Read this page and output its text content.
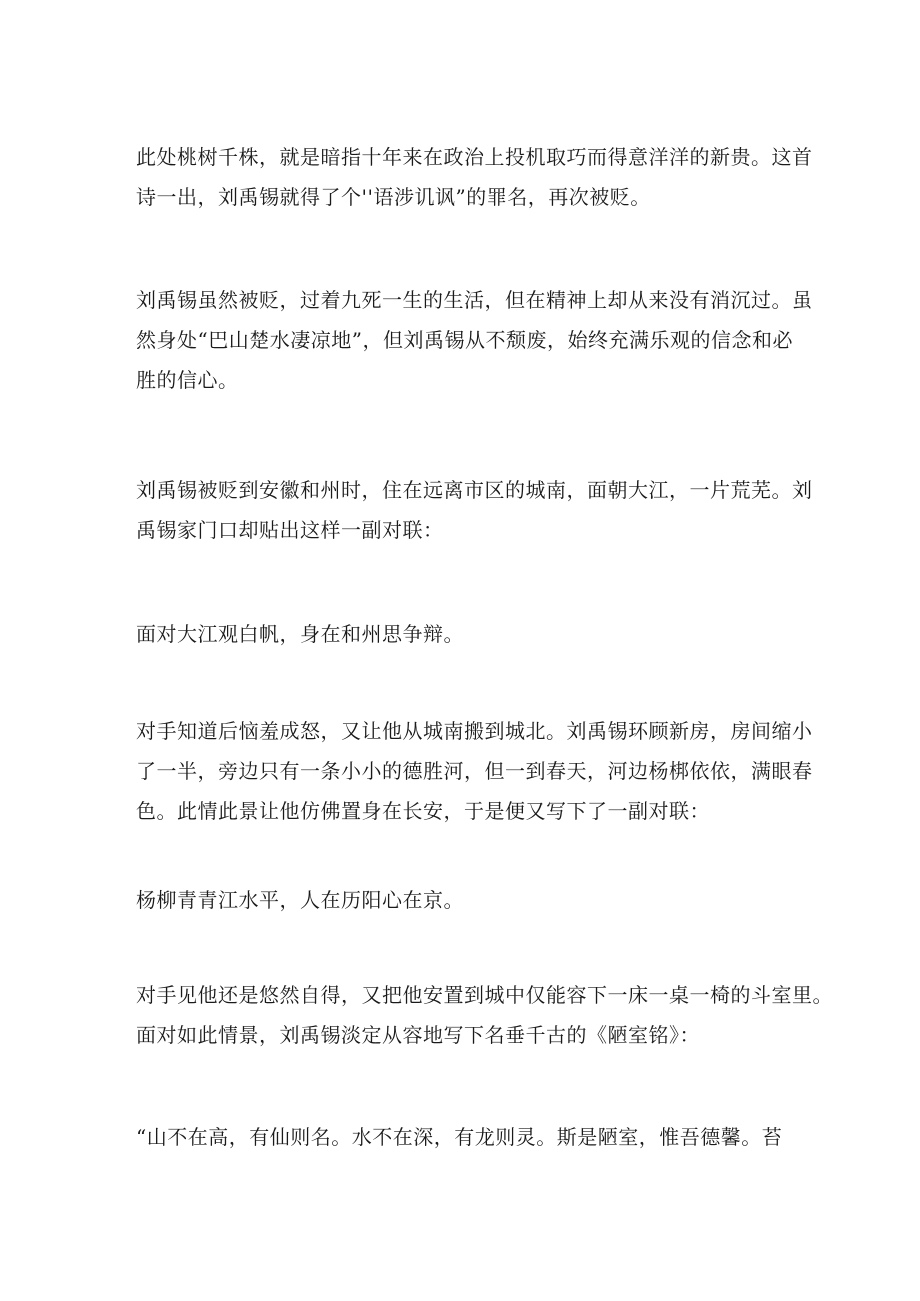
此处桃树千株，就是暗指十年来在政治上投机取巧而得意洋洋的新贵。这首
诗一出，刘禹锡就得了个''语涉讥讽”的罪名，再次被贬。
刘禹锡虽然被贬，过着九死一生的生活，但在精神上却从来没有消沉过。虽
然身处“巴山楚水凄凉地”，但刘禹锡从不颓废，始终充满乐观的信念和必
胜的信心。
刘禹锡被贬到安徽和州时，住在远离市区的城南，面朝大江，一片荒芜。刘
禹锡家门口却贴出这样一副对联：
面对大江观白帆，身在和州思争辩。
对手知道后恼羞成怒，又让他从城南搬到城北。刘禹锡环顾新房，房间缩小
了一半，旁边只有一条小小的德胜河，但一到春天，河边杨梆依依，满眼春
色。此情此景让他仿佛置身在长安，于是便又写下了一副对联：
杨柳青青江水平，人在历阳心在京。
对手见他还是悠然自得，又把他安置到城中仅能容下一床一桌一椅的斗室里。
面对如此情景，刘禹锡淡定从容地写下名垂千古的《陋室铭》：
“山不在高，有仙则名。水不在深，有龙则灵。斯是陋室，惟吾德馨。苔
